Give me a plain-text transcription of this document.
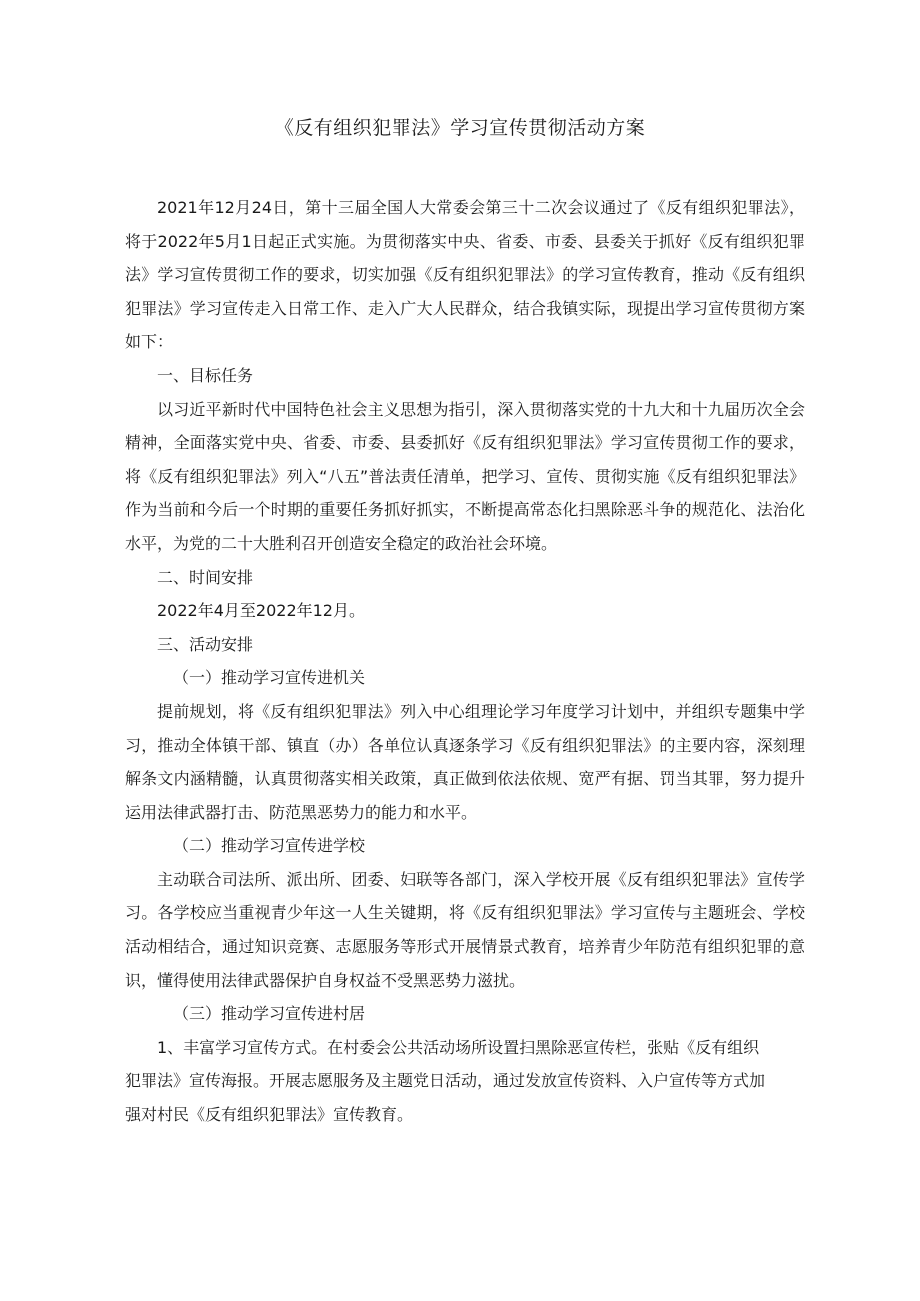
《反有组织犯罪法》学习宣传贯彻活动方案

2021年12月24日，第十三届全国人大常委会第三十二次会议通过了《反有组织犯罪法》，将于2022年5月1日起正式实施。为贯彻落实中央、省委、市委、县委关于抓好《反有组织犯罪法》学习宣传贯彻工作的要求，切实加强《反有组织犯罪法》的学习宣传教育，推动《反有组织犯罪法》学习宣传走入日常工作、走入广大人民群众，结合我镇实际，现提出学习宣传贯彻方案如下：

一、目标任务

以习近平新时代中国特色社会主义思想为指引，深入贯彻落实党的十九大和十九届历次全会精神，全面落实党中央、省委、市委、县委抓好《反有组织犯罪法》学习宣传贯彻工作的要求，将《反有组织犯罪法》列入“八五”普法责任清单，把学习、宣传、贯彻实施《反有组织犯罪法》作为当前和今后一个时期的重要任务抓好抓实，不断提高常态化扫黑除恶斗争的规范化、法治化水平，为党的二十大胜利召开创造安全稳定的政治社会环境。

二、时间安排

2022年4月至2022年12月。

三、活动安排

（一）推动学习宣传进机关

提前规划，将《反有组织犯罪法》列入中心组理论学习年度学习计划中，并组织专题集中学习，推动全体镇干部、镇直（办）各单位认真逐条学习《反有组织犯罪法》的主要内容，深刻理解条文内涵精髓，认真贯彻落实相关政策，真正做到依法依规、宽严有据、罚当其罪，努力提升运用法律武器打击、防范黑恶势力的能力和水平。

（二）推动学习宣传进学校

主动联合司法所、派出所、团委、妇联等各部门，深入学校开展《反有组织犯罪法》宣传学习。各学校应当重视青少年这一人生关键期，将《反有组织犯罪法》学习宣传与主题班会、学校活动相结合，通过知识竞赛、志愿服务等形式开展情景式教育，培养青少年防范有组织犯罪的意识，懂得使用法律武器保护自身权益不受黑恶势力滋扰。

（三）推动学习宣传进村居

1、丰富学习宣传方式。在村委会公共活动场所设置扫黑除恶宣传栏，张贴《反有组织犯罪法》宣传海报。开展志愿服务及主题党日活动，通过发放宣传资料、入户宣传等方式加强对村民《反有组织犯罪法》宣传教育。
